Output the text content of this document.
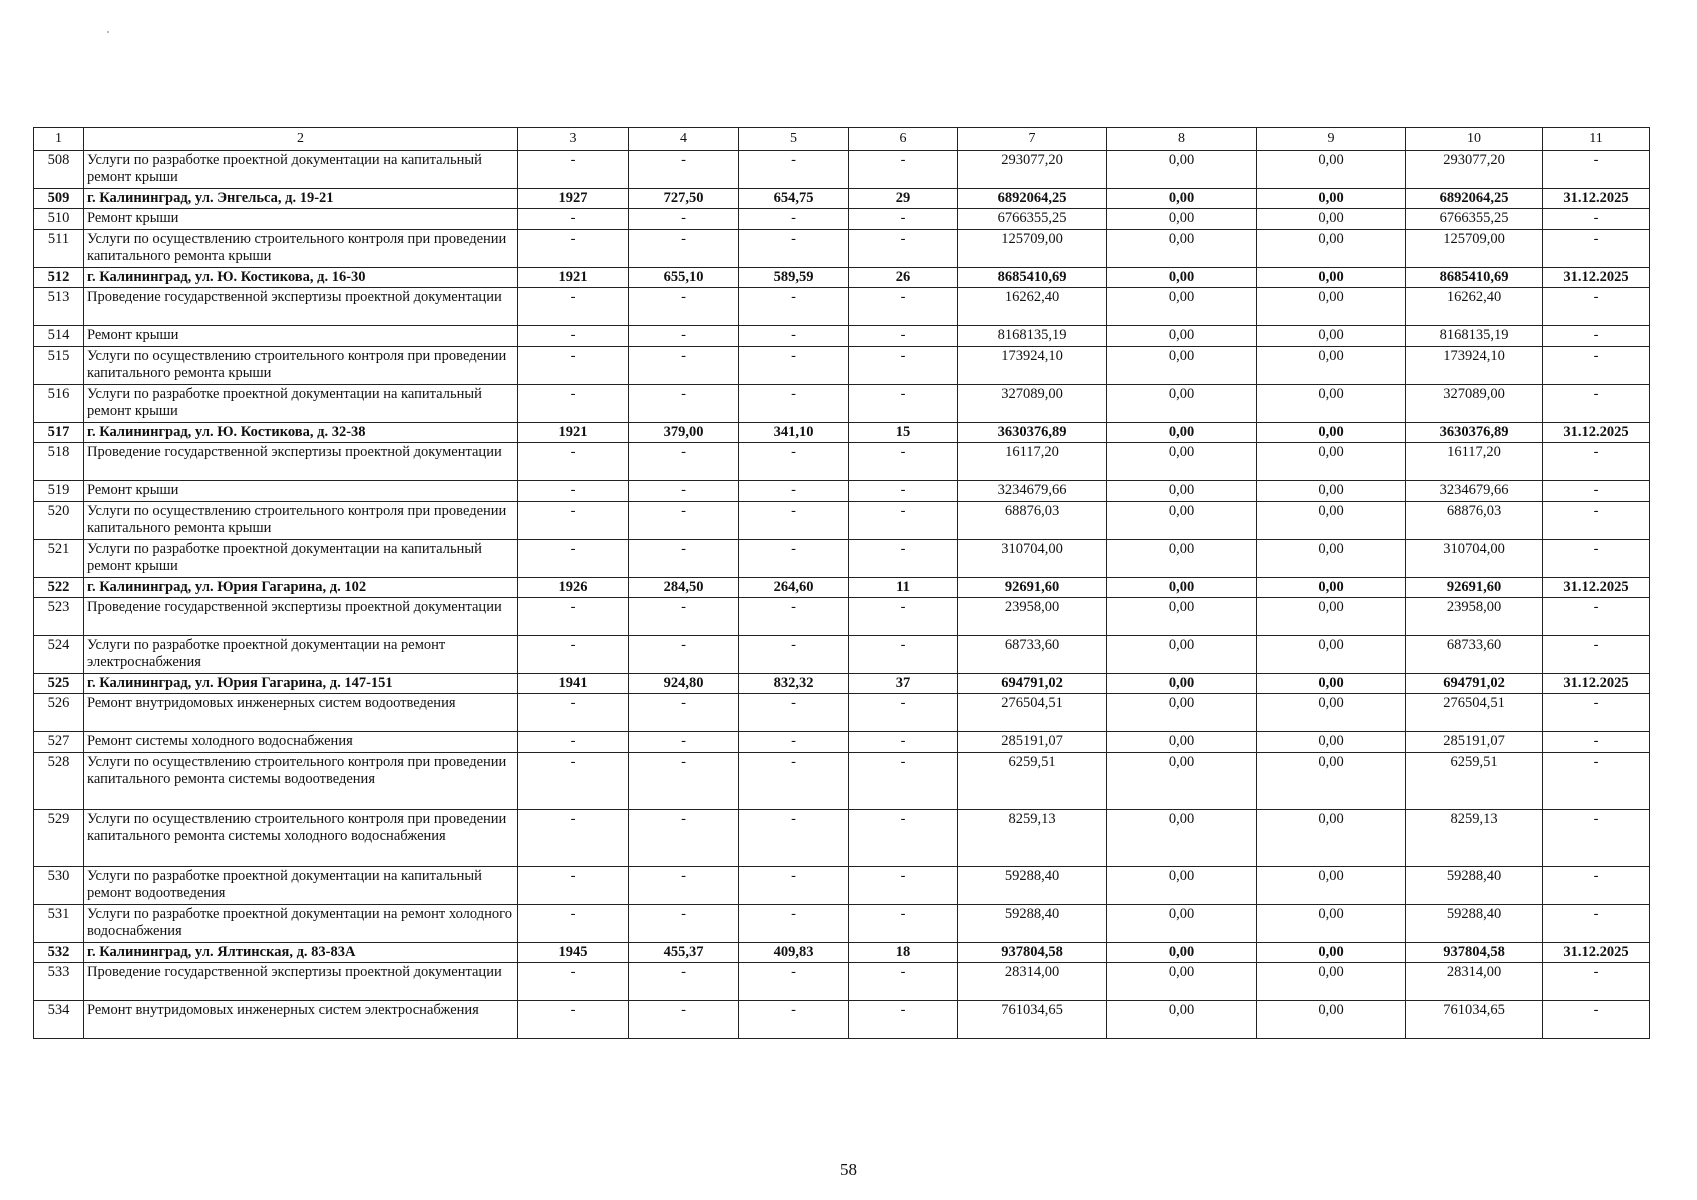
1	2	3	4	5	6	7	8	9	10	11
508	Услуги по разработке проектной документации на капитальный ремонт крыши	-	-	-	-	293077,20	0,00	0,00	293077,20	-
509	г. Калининград, ул. Энгельса, д. 19-21	1927	727,50	654,75	29	6892064,25	0,00	0,00	6892064,25	31.12.2025
510	Ремонт крыши	-	-	-	-	6766355,25	0,00	0,00	6766355,25	-
511	Услуги по осуществлению строительного контроля при проведении капитального ремонта крыши	-	-	-	-	125709,00	0,00	0,00	125709,00	-
512	г. Калининград, ул. Ю. Костикова, д. 16-30	1921	655,10	589,59	26	8685410,69	0,00	0,00	8685410,69	31.12.2025
513	Проведение государственной экспертизы проектной документации	-	-	-	-	16262,40	0,00	0,00	16262,40	-
514	Ремонт крыши	-	-	-	-	8168135,19	0,00	0,00	8168135,19	-
515	Услуги по осуществлению строительного контроля при проведении капитального ремонта крыши	-	-	-	-	173924,10	0,00	0,00	173924,10	-
516	Услуги по разработке проектной документации на капитальный ремонт крыши	-	-	-	-	327089,00	0,00	0,00	327089,00	-
517	г. Калининград, ул. Ю. Костикова, д. 32-38	1921	379,00	341,10	15	3630376,89	0,00	0,00	3630376,89	31.12.2025
518	Проведение государственной экспертизы проектной документации	-	-	-	-	16117,20	0,00	0,00	16117,20	-
519	Ремонт крыши	-	-	-	-	3234679,66	0,00	0,00	3234679,66	-
520	Услуги по осуществлению строительного контроля при проведении капитального ремонта крыши	-	-	-	-	68876,03	0,00	0,00	68876,03	-
521	Услуги по разработке проектной документации на капитальный ремонт крыши	-	-	-	-	310704,00	0,00	0,00	310704,00	-
522	г. Калининград, ул. Юрия Гагарина, д. 102	1926	284,50	264,60	11	92691,60	0,00	0,00	92691,60	31.12.2025
523	Проведение государственной экспертизы проектной документации	-	-	-	-	23958,00	0,00	0,00	23958,00	-
524	Услуги по разработке проектной документации на ремонт электроснабжения	-	-	-	-	68733,60	0,00	0,00	68733,60	-
525	г. Калининград, ул. Юрия Гагарина, д. 147-151	1941	924,80	832,32	37	694791,02	0,00	0,00	694791,02	31.12.2025
526	Ремонт внутридомовых инженерных систем водоотведения	-	-	-	-	276504,51	0,00	0,00	276504,51	-
527	Ремонт системы холодного водоснабжения	-	-	-	-	285191,07	0,00	0,00	285191,07	-
528	Услуги по осуществлению строительного контроля при проведении капитального ремонта системы водоотведения	-	-	-	-	6259,51	0,00	0,00	6259,51	-
529	Услуги по осуществлению строительного контроля при проведении капитального ремонта системы холодного водоснабжения	-	-	-	-	8259,13	0,00	0,00	8259,13	-
530	Услуги по разработке проектной документации на капитальный ремонт водоотведения	-	-	-	-	59288,40	0,00	0,00	59288,40	-
531	Услуги по разработке проектной документации на ремонт холодного водоснабжения	-	-	-	-	59288,40	0,00	0,00	59288,40	-
532	г. Калининград, ул. Ялтинская, д. 83-83А	1945	455,37	409,83	18	937804,58	0,00	0,00	937804,58	31.12.2025
533	Проведение государственной экспертизы проектной документации	-	-	-	-	28314,00	0,00	0,00	28314,00	-
534	Ремонт внутридомовых инженерных систем электроснабжения	-	-	-	-	761034,65	0,00	0,00	761034,65	-
58
